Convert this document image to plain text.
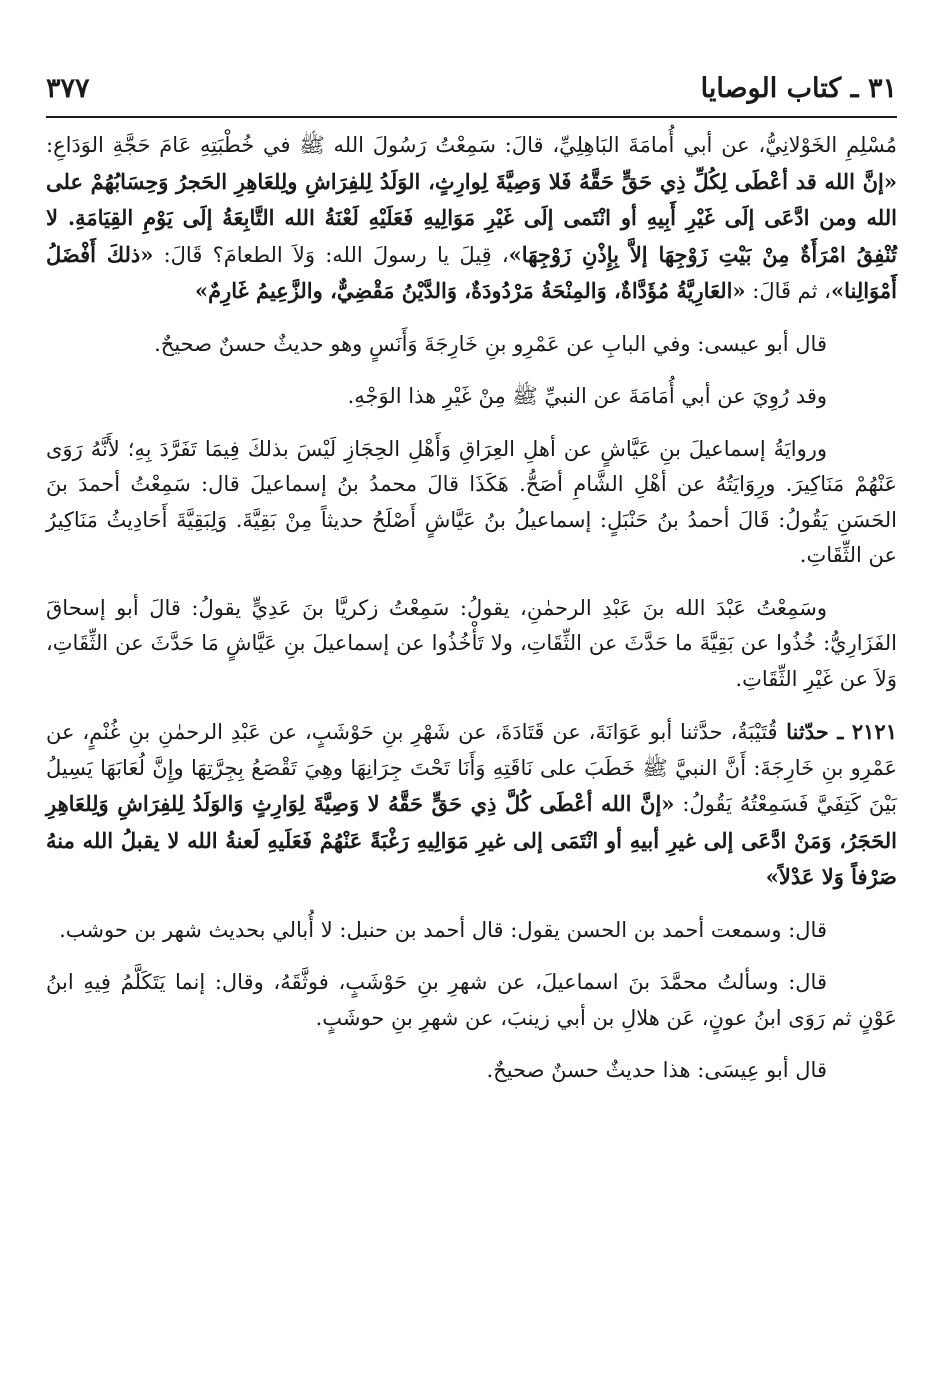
٣٧٧	٣١ ـ كتاب الوصايا

مُسْلِمِ الخَوْلانِيُّ، عن أبي أُمامَةَ البَاهِلِيِّ، قالَ: سَمِعْتُ رَسُولَ الله ﷺ في خُطْبَتِهِ عَامَ حَجَّةِ الوَدَاعِ: «إنَّ الله قد أعْطَى لِكُلِّ ذِي حَقٍّ حَقَّهُ فَلا وَصِيَّةَ لِوارِثٍ، الوَلَدُ لِلفِرَاشِ ولِلعَاهِرِ الحَجرُ وَحِسَابُهُمْ على الله ومن ادَّعَى إلَى غَيْرِ أَبِيهِ أو انْتَمى إلَى غَيْرِ مَوَالِيهِ فَعَلَيْهِ لَعْنَةُ الله التَّابِعَةُ إلَى يَوْمِ القِيَامَةِ. لا تُنْفِقُ امْرَأَةٌ مِنْ بَيْتِ زَوْجِهَا إلاَّ بِإِذْنِ زَوْجِهَا»، قِيلَ يا رسولَ الله: وَلاَ الطعامَ؟ قَالَ: «ذلكَ أَفْضَلُ أَمْوَالِنا»، ثم قَالَ: «العَارِيَّةُ مُؤَدَّاةٌ، وَالمِنْحَةُ مَرْدُودَةٌ، وَالدَّيْنُ مَقْضِيٌّ، والزَّعِيمُ غَارِمٌ»

قال أبو عيسى: وفي البابِ عن عَمْرِو بنِ خَارِجَةَ وَأَنَسٍ وهو حديثٌ حسنٌ صحيحٌ.

وقد رُوِيَ عن أبي أُمَامَةَ عن النبيِّ ﷺ مِنْ غَيْرِ هذا الوَجْهِ.

وروايَةُ إسماعيلَ بنِ عَيَّاشٍ عن أهلِ العِرَاقِ وَأَهْلِ الحِجَازِ لَيْسَ بذلكَ فِيمَا تَفَرَّدَ بِهِ؛ لأَنَّهُ رَوَى عَنْهُمْ مَنَاكِيرَ. ورِوَايَتُهُ عن أهْلِ الشَّامِ أصَحُّ. هَكَذَا قالَ محمدُ بنُ إسماعيلَ قال: سَمِعْتُ أحمدَ بنَ الحَسَنِ يَقُولُ: قَالَ أحمدُ بنُ حَنْبَلٍ: إسماعيلُ بنُ عَيَّاشٍ أَصْلَحُ حديثاً مِنْ بَقِيَّةَ. وَلِبَقِيَّةَ أَحَادِيثُ مَنَاكِيرُ عن الثِّقَاتِ.

وسَمِعْتُ عَبْدَ الله بنَ عَبْدِ الرحمٰنِ، يقولُ: سَمِعْتُ زكريَّا بنَ عَدِيٍّ يقولُ: قالَ أبو إسحاقَ الفَزَارِيُّ: خُذُوا عن بَقِيَّةَ ما حَدَّثَ عن الثِّقَاتِ، ولا تَأْخُذُوا عن إسماعيلَ بنِ عَيَّاشٍ مَا حَدَّثَ عن الثِّقَاتِ، وَلاَ عن غَيْرِ الثِّقَاتِ.

٢١٢١ ـ حدّثنا قُتَيْبَةُ، حدَّثنا أبو عَوَانَةَ، عن قَتَادَةَ، عن شَهْرِ بنِ حَوْشَبٍ، عن عَبْدِ الرحمٰنِ بنِ غُنْمٍ، عن عَمْرِو بنِ خَارِجَةَ: أَنَّ النبيَّ ﷺ خَطَبَ على نَاقَتِهِ وَأَنَا تَحْتَ جِرَانِهَا وهِيَ تَقْصَعُ بِجِرَّتِهَا وإِنَّ لُعَابَهَا يَسِيلُ بَيْنَ كَتِفَيَّ فَسَمِعْتُهُ يَقُولُ: «إنَّ الله أعْطَى كُلَّ ذِي حَقٍّ حَقَّهُ لا وَصِيَّةَ لِوَارِثٍ وَالوَلَدُ لِلفِرَاشِ وَلِلعَاهِرِ الحَجَرُ، وَمَنْ ادَّعَى إلى غيرِ أبيهِ أو انْتَمَى إلى غيرِ مَوَالِيهِ رَغْبَةً عَنْهُمْ فَعَلَيهِ لَعنةُ الله لا يقبلُ الله منهُ صَرْفاً وَلا عَدْلاً»

قال: وسمعت أحمد بن الحسن يقول: قال أحمد بن حنبل: لا أُبالي بحديث شهر بن حوشب.

قال: وسألتُ محمَّدَ بنَ اسماعيلَ، عن شهرِ بنِ حَوْشَبٍ، فوثَّقَهُ، وقال: إنما يَتَكَلَّمُ فِيهِ ابنُ عَوْنٍ ثم رَوَى ابنُ عونٍ، عَن هلالِ بن أبي زينبَ، عن شهرِ بنِ حوشَبٍ.

قال أبو عِيسَى: هذا حديثٌ حسنٌ صحيحٌ.
